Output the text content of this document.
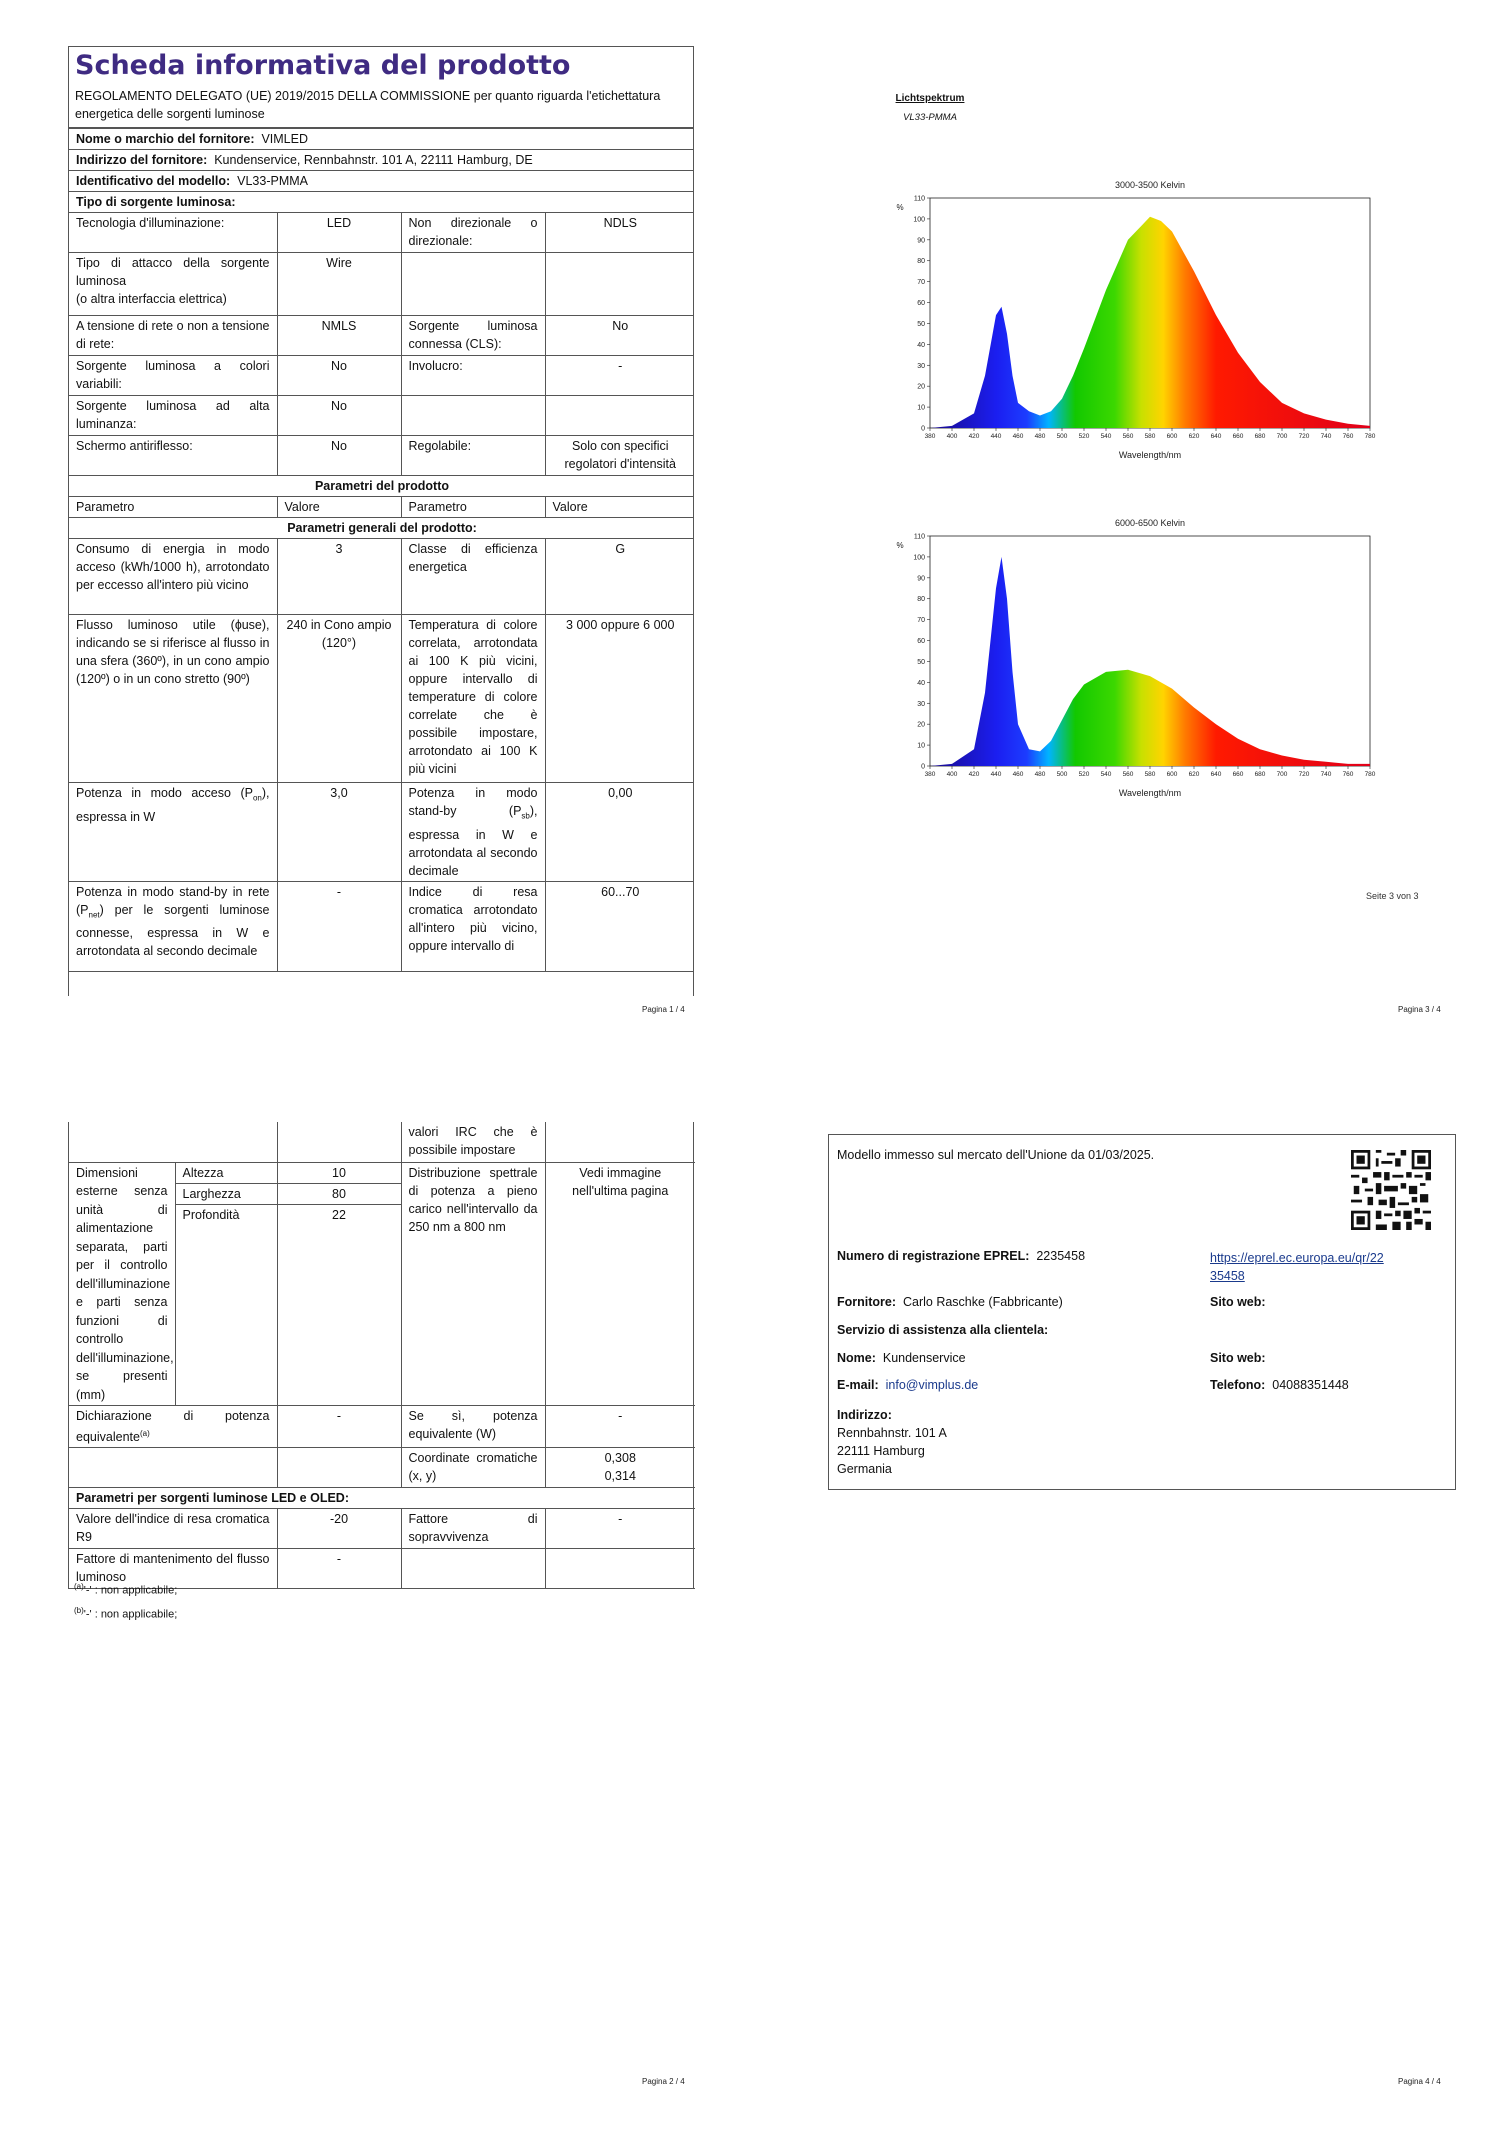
Scheda informativa del prodotto
REGOLAMENTO DELEGATO (UE) 2019/2015 DELLA COMMISSIONE per quanto riguarda l'etichettatura energetica delle sorgenti luminose
Nome o marchio del fornitore: VIMLED			
Indirizzo del fornitore: Kundenservice, Rennbahnstr. 101 A, 22111 Hamburg, DE			
Identificativo del modello: VL33-PMMA			
Tipo di sorgente luminosa:			
Tecnologia d'illuminazione:	LED	Non direzionale o direzionale:	NDLS
Tipo di attacco della sorgente luminosa
(o altra interfaccia elettrica)	Wire		
A tensione di rete o non a tensione di rete:	NMLS	Sorgente luminosa connessa (CLS):	No
Sorgente luminosa a colori variabili:	No	Involucro:	-
Sorgente luminosa ad alta luminanza:	No		
Schermo antiriflesso:	No	Regolabile:	Solo con specifici regolatori d'intensità
Parametri del prodotto			
Parametro	Valore	Parametro	Valore
Parametri generali del prodotto:			
Consumo di energia in modo acceso (kWh/1000 h), arrotondato per eccesso all'intero più vicino	3	Classe di efficienza energetica	G
Flusso luminoso utile (ɸuse), indicando se si riferisce al flusso in una sfera (360º), in un cono ampio (120º) o in un cono stretto (90º)	240 in Cono ampio (120°)	Temperatura di colore correlata, arrotondata ai 100 K più vicini, oppure intervallo di temperature di colore correlate che è possibile impostare, arrotondato ai 100 K più vicini	3 000 oppure 6 000
Potenza in modo acceso $(P_{on})$, espressa in W	3,0	Potenza in modo stand-by $(P_{sb})$, espressa in W e arrotondata al secondo decimale	0,00
Potenza in modo stand-by in rete $(P_{net})$ per le sorgenti luminose connesse, espressa in W e arrotondata al secondo decimale	-	Indice di resa cromatica arrotondato all'intero più vicino, oppure intervallo di	60...70
Pagina 1 / 4
Lichtspektrum
VL33-PMMA
0
10
20
30
40
50
60
70
80
90
100
110
380 400 420 440 460 480 500 520 540 560 580 600 620 640 660 680 700 720 740 760 780
3000-3500 Kelvin
%
Wavelength/nm
0
10
20
30
40
50
60
70
80
90
100
110
380 400 420 440 460 480 500 520 540 560 580 600 620 640 660 680 700 720 740 760 780
6000-6500 Kelvin
%
Wavelength/nm
Seite 3 von 3
Pagina 3 / 4
			valori IRC che è possibile impostare	
Dimensioni esterne senza unità di alimentazione separata, parti per il controllo dell'illuminazione e parti senza funzioni di controllo dell'illuminazione, se presenti (mm)	Altezza	10	Distribuzione spettrale di potenza a pieno carico nell'intervallo da 250 nm a 800 nm	Vedi immagine nell'ultima pagina
	Larghezza	80		
	Profondità	22		
Dichiarazione di potenza equivalente$^{(a)}$		-	Se sì, potenza equivalente (W)	-
			Coordinate cromatiche (x, y)	0,308
0,314
Parametri per sorgenti luminose LED e OLED:				
Valore dell'indice di resa cromatica R9		-20	Fattore di sopravvivenza	-
Fattore di mantenimento del flusso luminoso		-		
$^{(a)}$'-' : non applicabile;
$^{(b)}$'-' : non applicabile;
Pagina 2 / 4
Modello immesso sul mercato dell'Unione da 01/03/2025.
Numero di registrazione EPREL: 2235458	https://eprel.ec.europa.eu/qr/22
35458
Fornitore: Carlo Raschke (Fabbricante)	Sito web:
Servizio di assistenza alla clientela:
Nome: Kundenservice	Sito web:
E-mail: info@vimplus.de	Telefono: 04088351448
Indirizzo:
Rennbahnstr. 101 A
22111 Hamburg
Germania
Pagina 4 / 4
